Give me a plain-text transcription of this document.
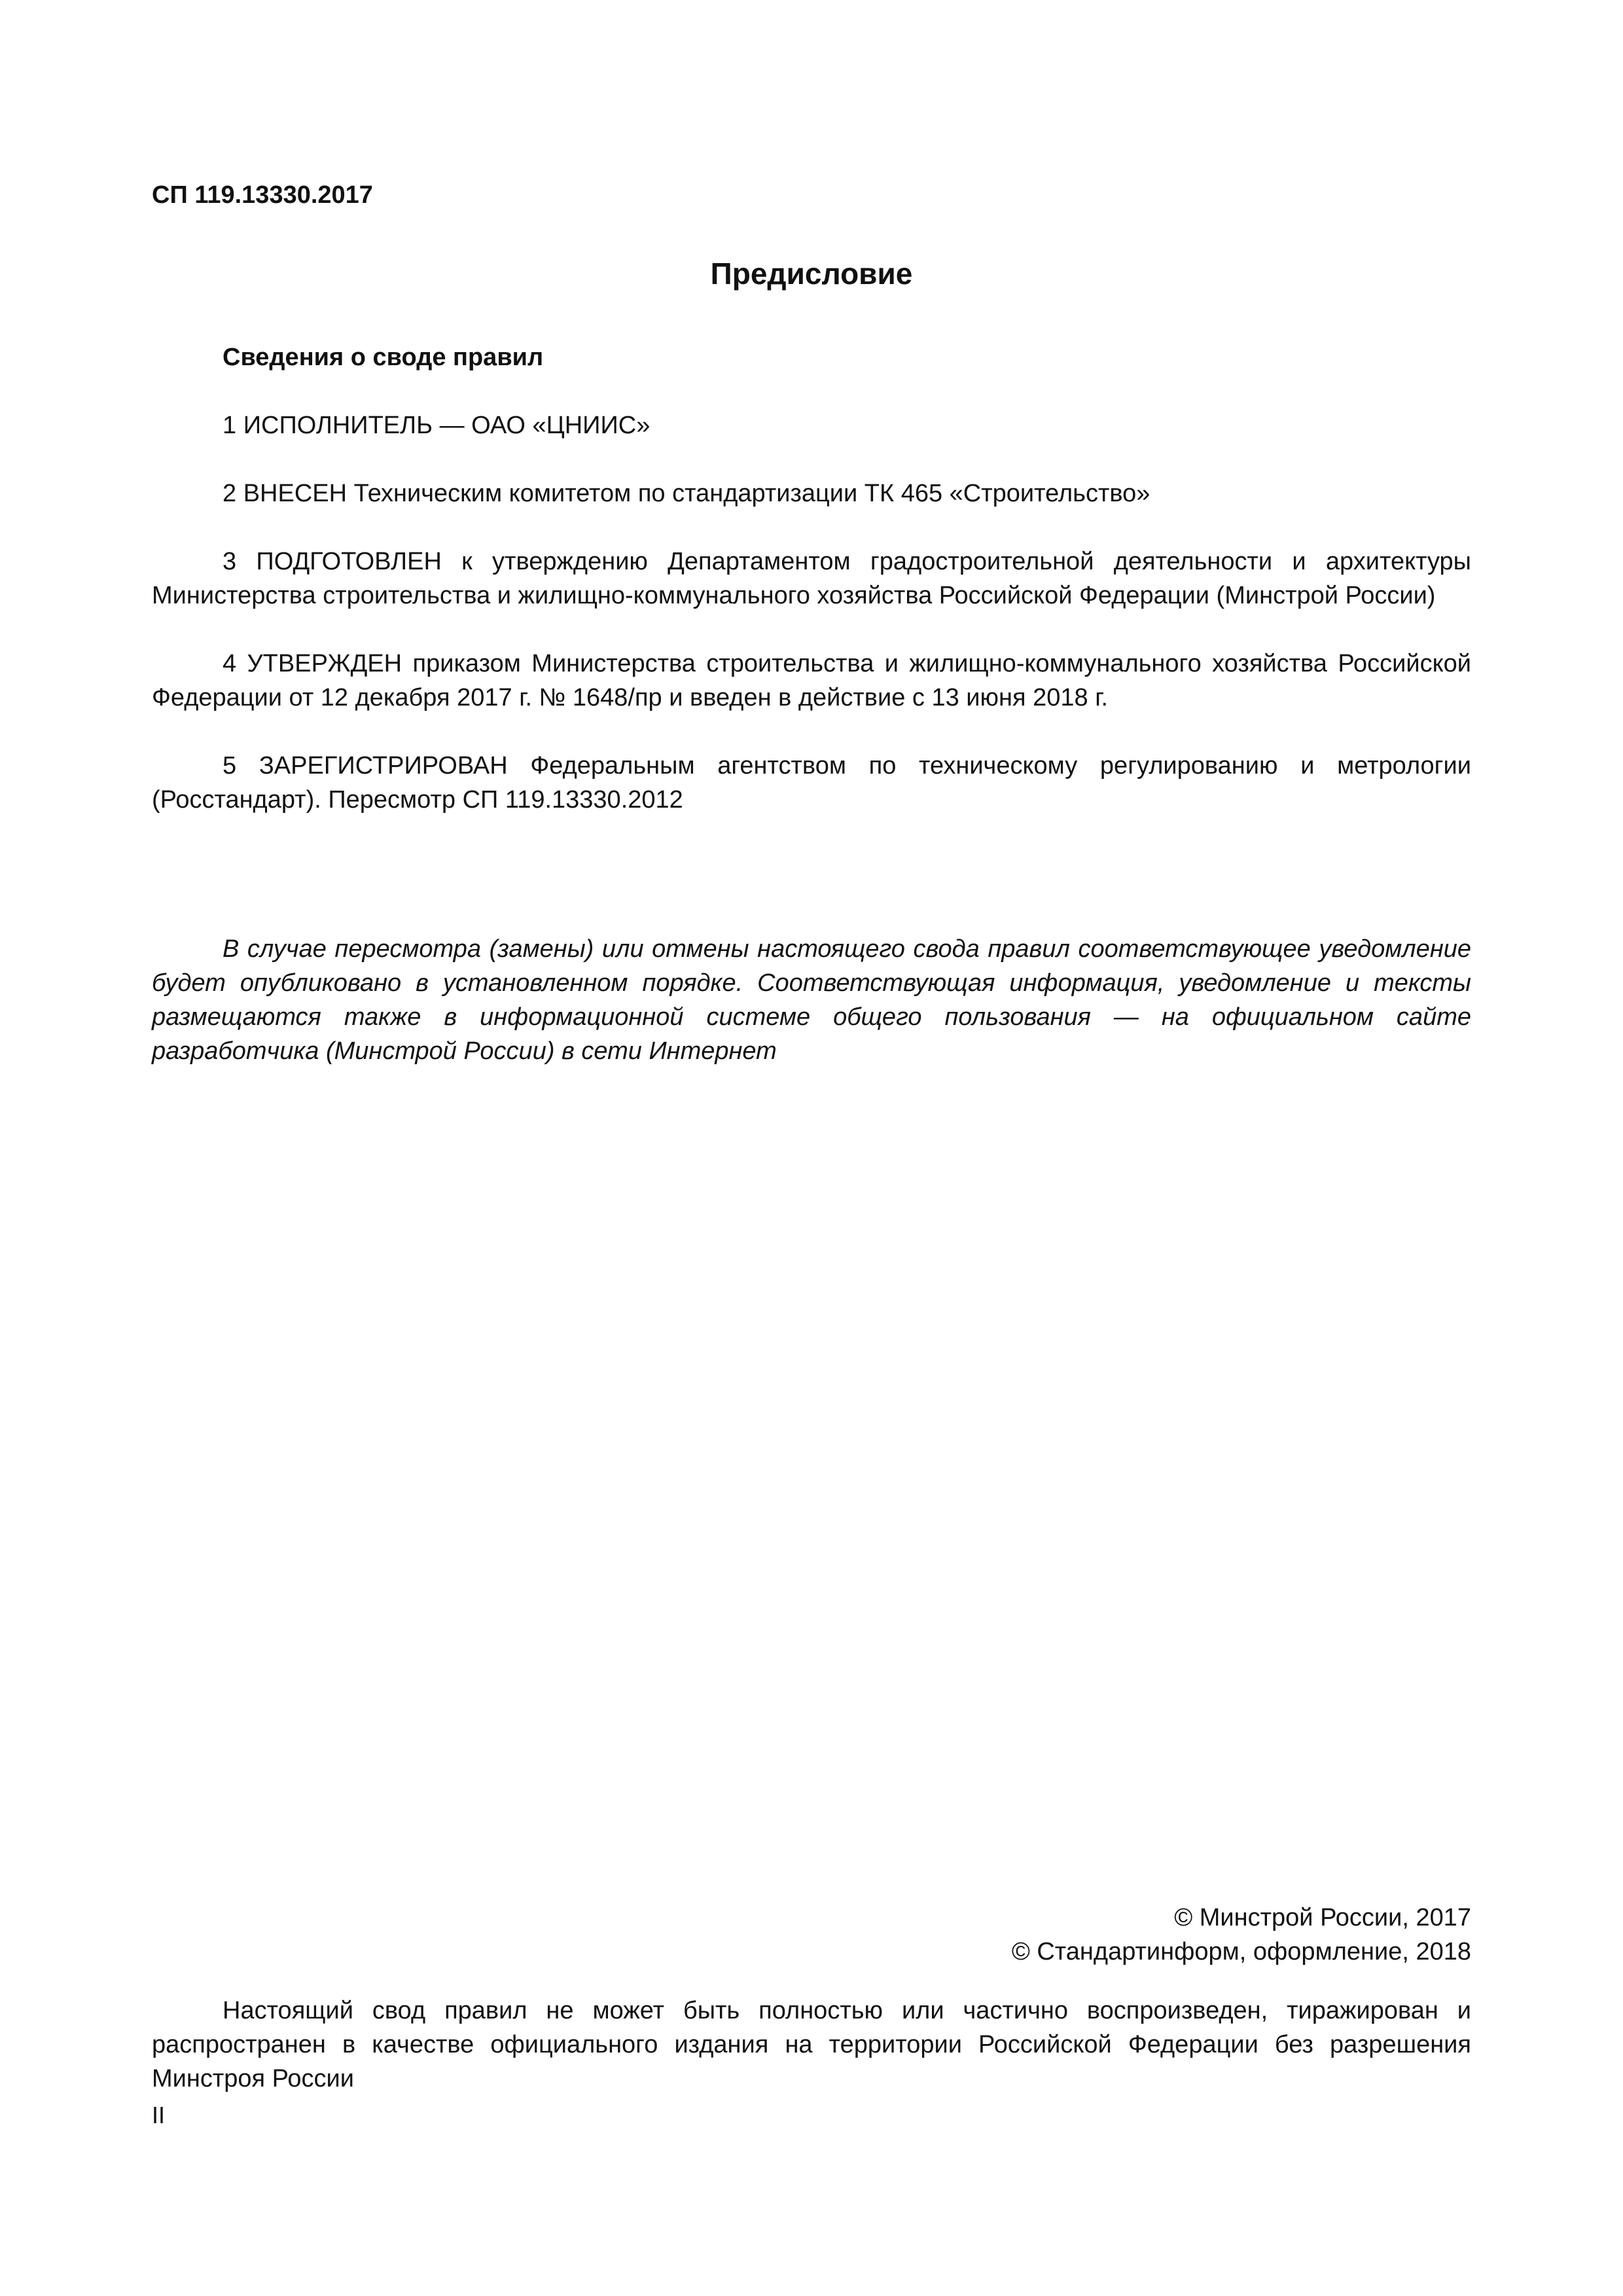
СП 119.13330.2017

Предисловие

Сведения о своде правил

1 ИСПОЛНИТЕЛЬ — ОАО «ЦНИИС»

2 ВНЕСЕН Техническим комитетом по стандартизации ТК 465 «Строительство»

3 ПОДГОТОВЛЕН к утверждению Департаментом градостроительной деятельности и архитектуры Министерства строительства и жилищно-коммунального хозяйства Российской Федерации (Минстрой России)

4 УТВЕРЖДЕН приказом Министерства строительства и жилищно-коммунального хозяйства Российской Федерации от 12 декабря 2017 г. № 1648/пр и введен в действие с 13 июня 2018 г.

5 ЗАРЕГИСТРИРОВАН Федеральным агентством по техническому регулированию и метрологии (Росстандарт). Пересмотр СП 119.13330.2012

В случае пересмотра (замены) или отмены настоящего свода правил соответствующее уведомление будет опубликовано в установленном порядке. Соответствующая информация, уведомление и тексты размещаются также в информационной системе общего пользования — на официальном сайте разработчика (Минстрой России) в сети Интернет

© Минстрой России, 2017
© Стандартинформ, оформление, 2018

Настоящий свод правил не может быть полностью или частично воспроизведен, тиражирован и распространен в качестве официального издания на территории Российской Федерации без разрешения Минстроя России

II
